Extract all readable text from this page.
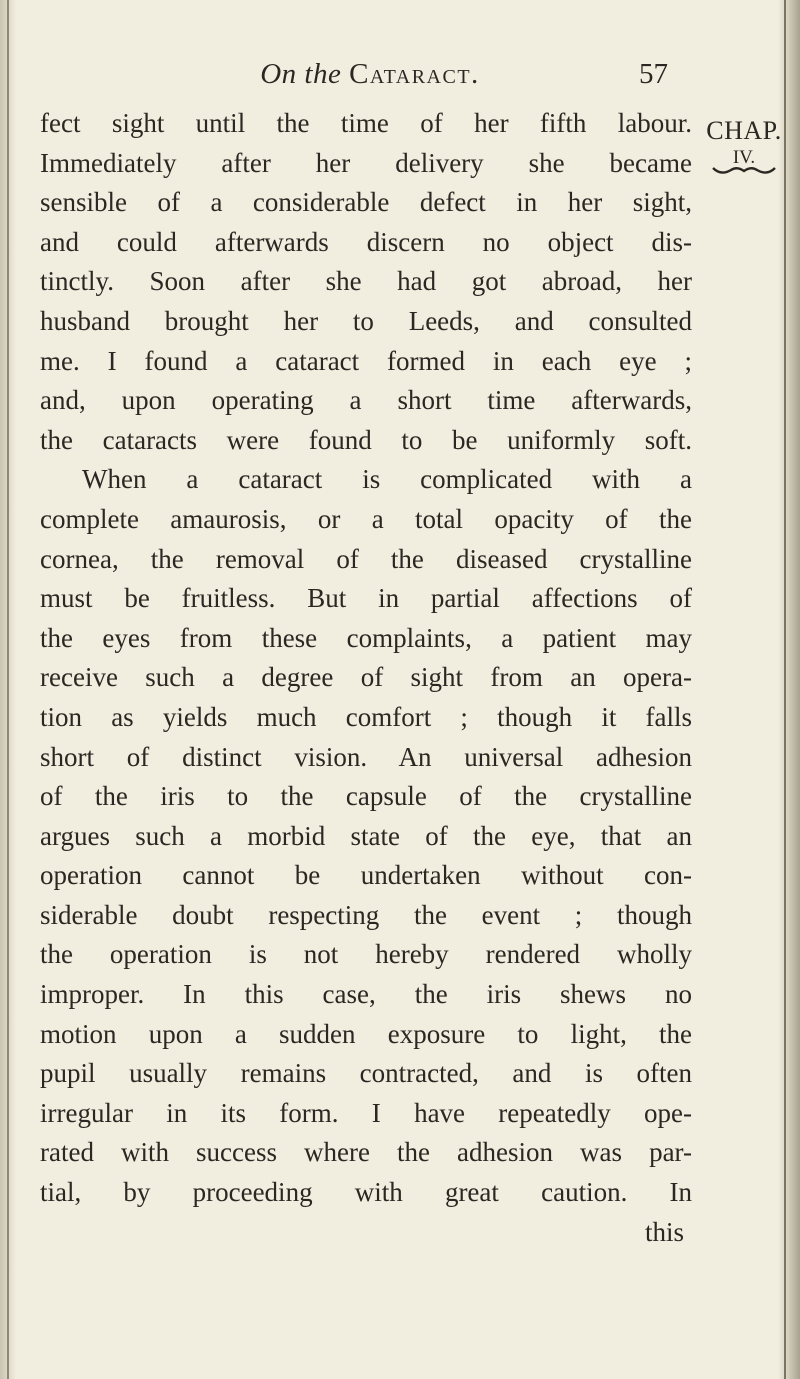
On the Cataract.	57
CHAP.
IV.
fect sight until the time of her fifth labour.
Immediately after her delivery she became
sensible of a considerable defect in her sight,
and could afterwards discern no object dis-
tinctly. Soon after she had got abroad, her
husband brought her to Leeds, and consulted
me. I found a cataract formed in each eye ;
and, upon operating a short time afterwards,
the cataracts were found to be uniformly soft.
When a cataract is complicated with a
complete amaurosis, or a total opacity of the
cornea, the removal of the diseased crystalline
must be fruitless. But in partial affections of
the eyes from these complaints, a patient may
receive such a degree of sight from an opera-
tion as yields much comfort ; though it falls
short of distinct vision. An universal adhesion
of the iris to the capsule of the crystalline
argues such a morbid state of the eye, that an
operation cannot be undertaken without con-
siderable doubt respecting the event ; though
the operation is not hereby rendered wholly
improper. In this case, the iris shews no
motion upon a sudden exposure to light, the
pupil usually remains contracted, and is often
irregular in its form. I have repeatedly ope-
rated with success where the adhesion was par-
tial, by proceeding with great caution. In
this
